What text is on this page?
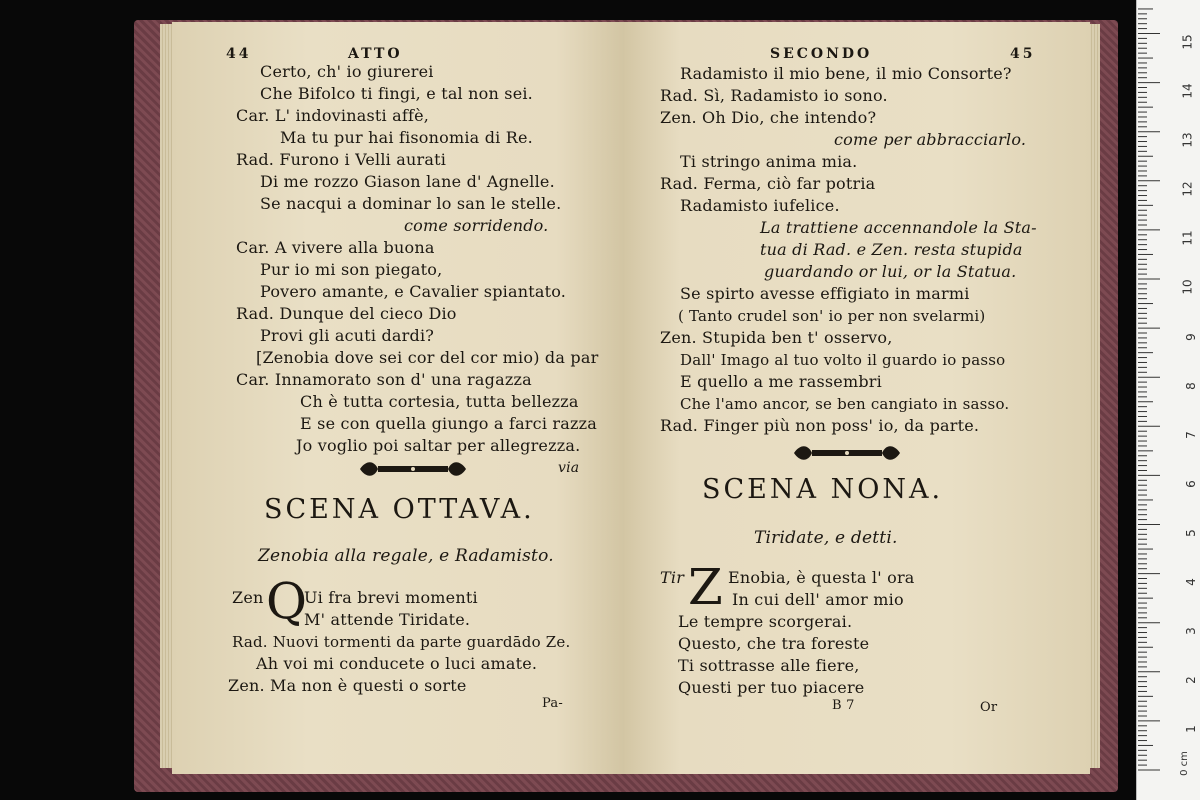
44	ATTO
Certo, ch' io giurerei
Che Bifolco ti fingi, e tal non sei.
Car. L' indovinasti affè,
Ma tu pur hai fisonomia di Re.
Rad. Furono i Velli aurati
Di me rozzo Giason lane d' Agnelle.
Se nacqui a dominar lo san le stelle.
come sorridendo.
Car. A vivere alla buona
Pur io mi son piegato,
Povero amante, e Cavalier spiantato.
Rad. Dunque del cieco Dio
Provi gli acuti dardi?
[Zenobia dove sei cor del cor mio) da par
Car. Innamorato son d' una ragazza
Ch è tutta cortesia, tutta bellezza
E se con quella giungo a farci razza
Jo voglio poi saltar per allegrezza.
via
SCENA OTTAVA.
Zenobia alla regale, e Radamisto.
Zen Q
Ui fra brevi momenti
M' attende Tiridate.
Rad. Nuovi tormenti da parte guardādo Ze.
Ah voi mi conducete o luci amate.
Zen. Ma non è questi o sorte
Pa-
SECONDO	45
Radamisto il mio bene, il mio Consorte?
Rad. Sì, Radamisto io sono.
Zen. Oh Dio, che intendo?
come per abbracciarlo.
Ti stringo anima mia.
Rad. Ferma, ciò far potria
Radamisto iufelice.
La trattiene accennandole la Sta-
tua di Rad. e Zen. resta stupida
guardando or lui, or la Statua.
Se spirto avesse effigiato in marmi
( Tanto crudel son' io per non svelarmi)
Zen. Stupida ben t' osservo,
Dall' Imago al tuo volto il guardo io passo
E quello a me rassembri
Che l'amo ancor, se ben cangiato in sasso.
Rad. Finger più non poss' io, da parte.
SCENA NONA.
Tiridate, e detti.
Tir Z Enobia, è questa l' ora
In cui dell' amor mio
Le tempre scorgerai.
Questo, che tra foreste
Ti sottrasse alle fiere,
Questi per tuo piacere
B 7	Or
1
2
3
4
5
6
7
8
9
10
11
12
13
14
15
0 cm
